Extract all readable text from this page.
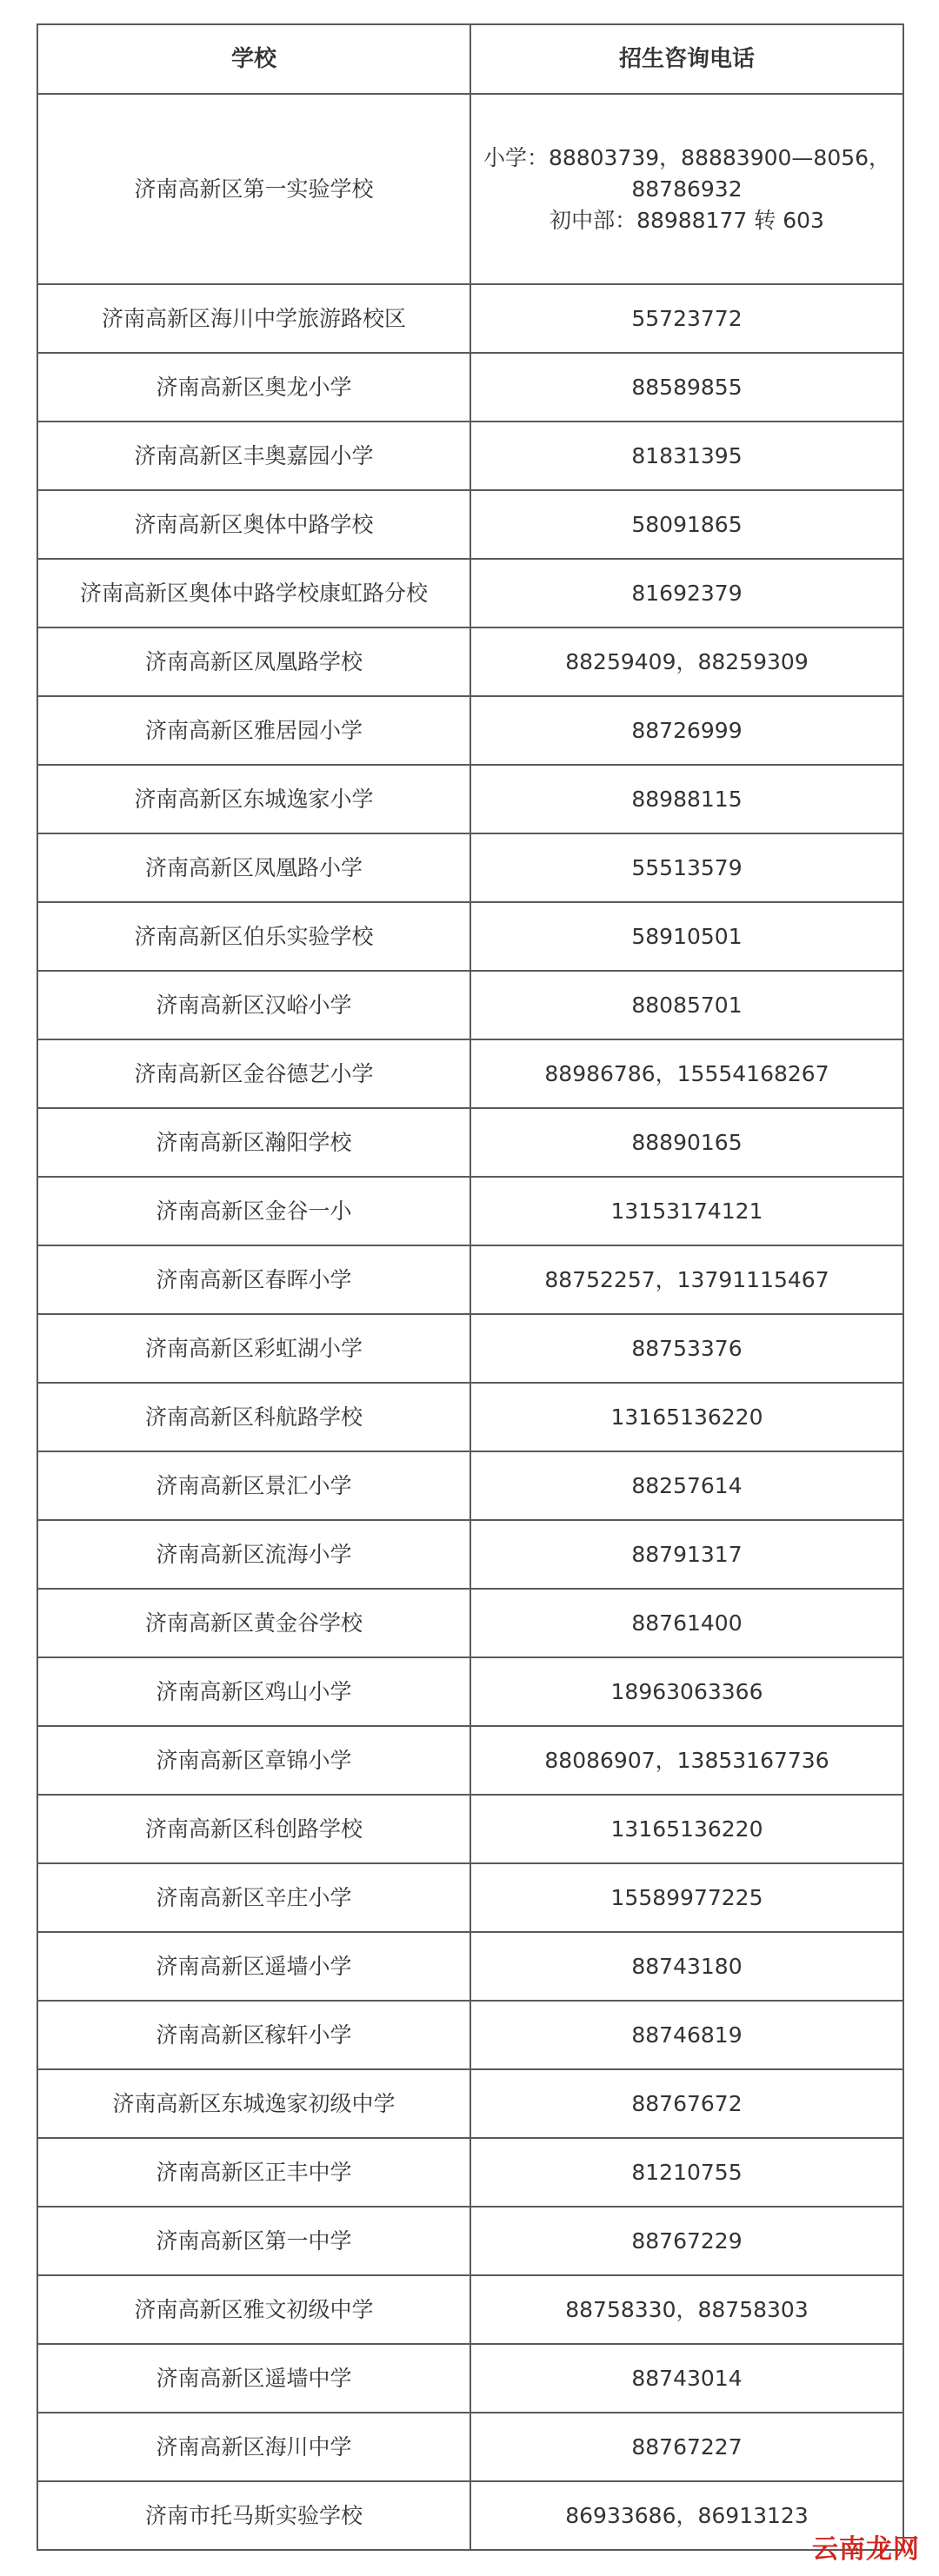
学校	招生咨询电话
济南高新区第一实验学校	小学：88803739，88883900—8056，
88786932
初中部：88988177 转 603

济南高新区海川中学旅游路校区	55723772
济南高新区奥龙小学	88589855
济南高新区丰奥嘉园小学	81831395
济南高新区奥体中路学校	58091865
济南高新区奥体中路学校康虹路分校	81692379
济南高新区凤凰路学校	88259409，88259309
济南高新区雅居园小学	88726999
济南高新区东城逸家小学	88988115
济南高新区凤凰路小学	55513579
济南高新区伯乐实验学校	58910501
济南高新区汉峪小学	88085701
济南高新区金谷德艺小学	88986786，15554168267
济南高新区瀚阳学校	88890165
济南高新区金谷一小	13153174121
济南高新区春晖小学	88752257，13791115467
济南高新区彩虹湖小学	88753376
济南高新区科航路学校	13165136220
济南高新区景汇小学	88257614
济南高新区流海小学	88791317
济南高新区黄金谷学校	88761400
济南高新区鸡山小学	18963063366
济南高新区章锦小学	88086907，13853167736
济南高新区科创路学校	13165136220
济南高新区辛庄小学	15589977225
济南高新区遥墙小学	88743180
济南高新区稼轩小学	88746819
济南高新区东城逸家初级中学	88767672
济南高新区正丰中学	81210755
济南高新区第一中学	88767229
济南高新区雅文初级中学	88758330，88758303
济南高新区遥墙中学	88743014
济南高新区海川中学	88767227
济南市托马斯实验学校	86933686，86913123
云南龙网
